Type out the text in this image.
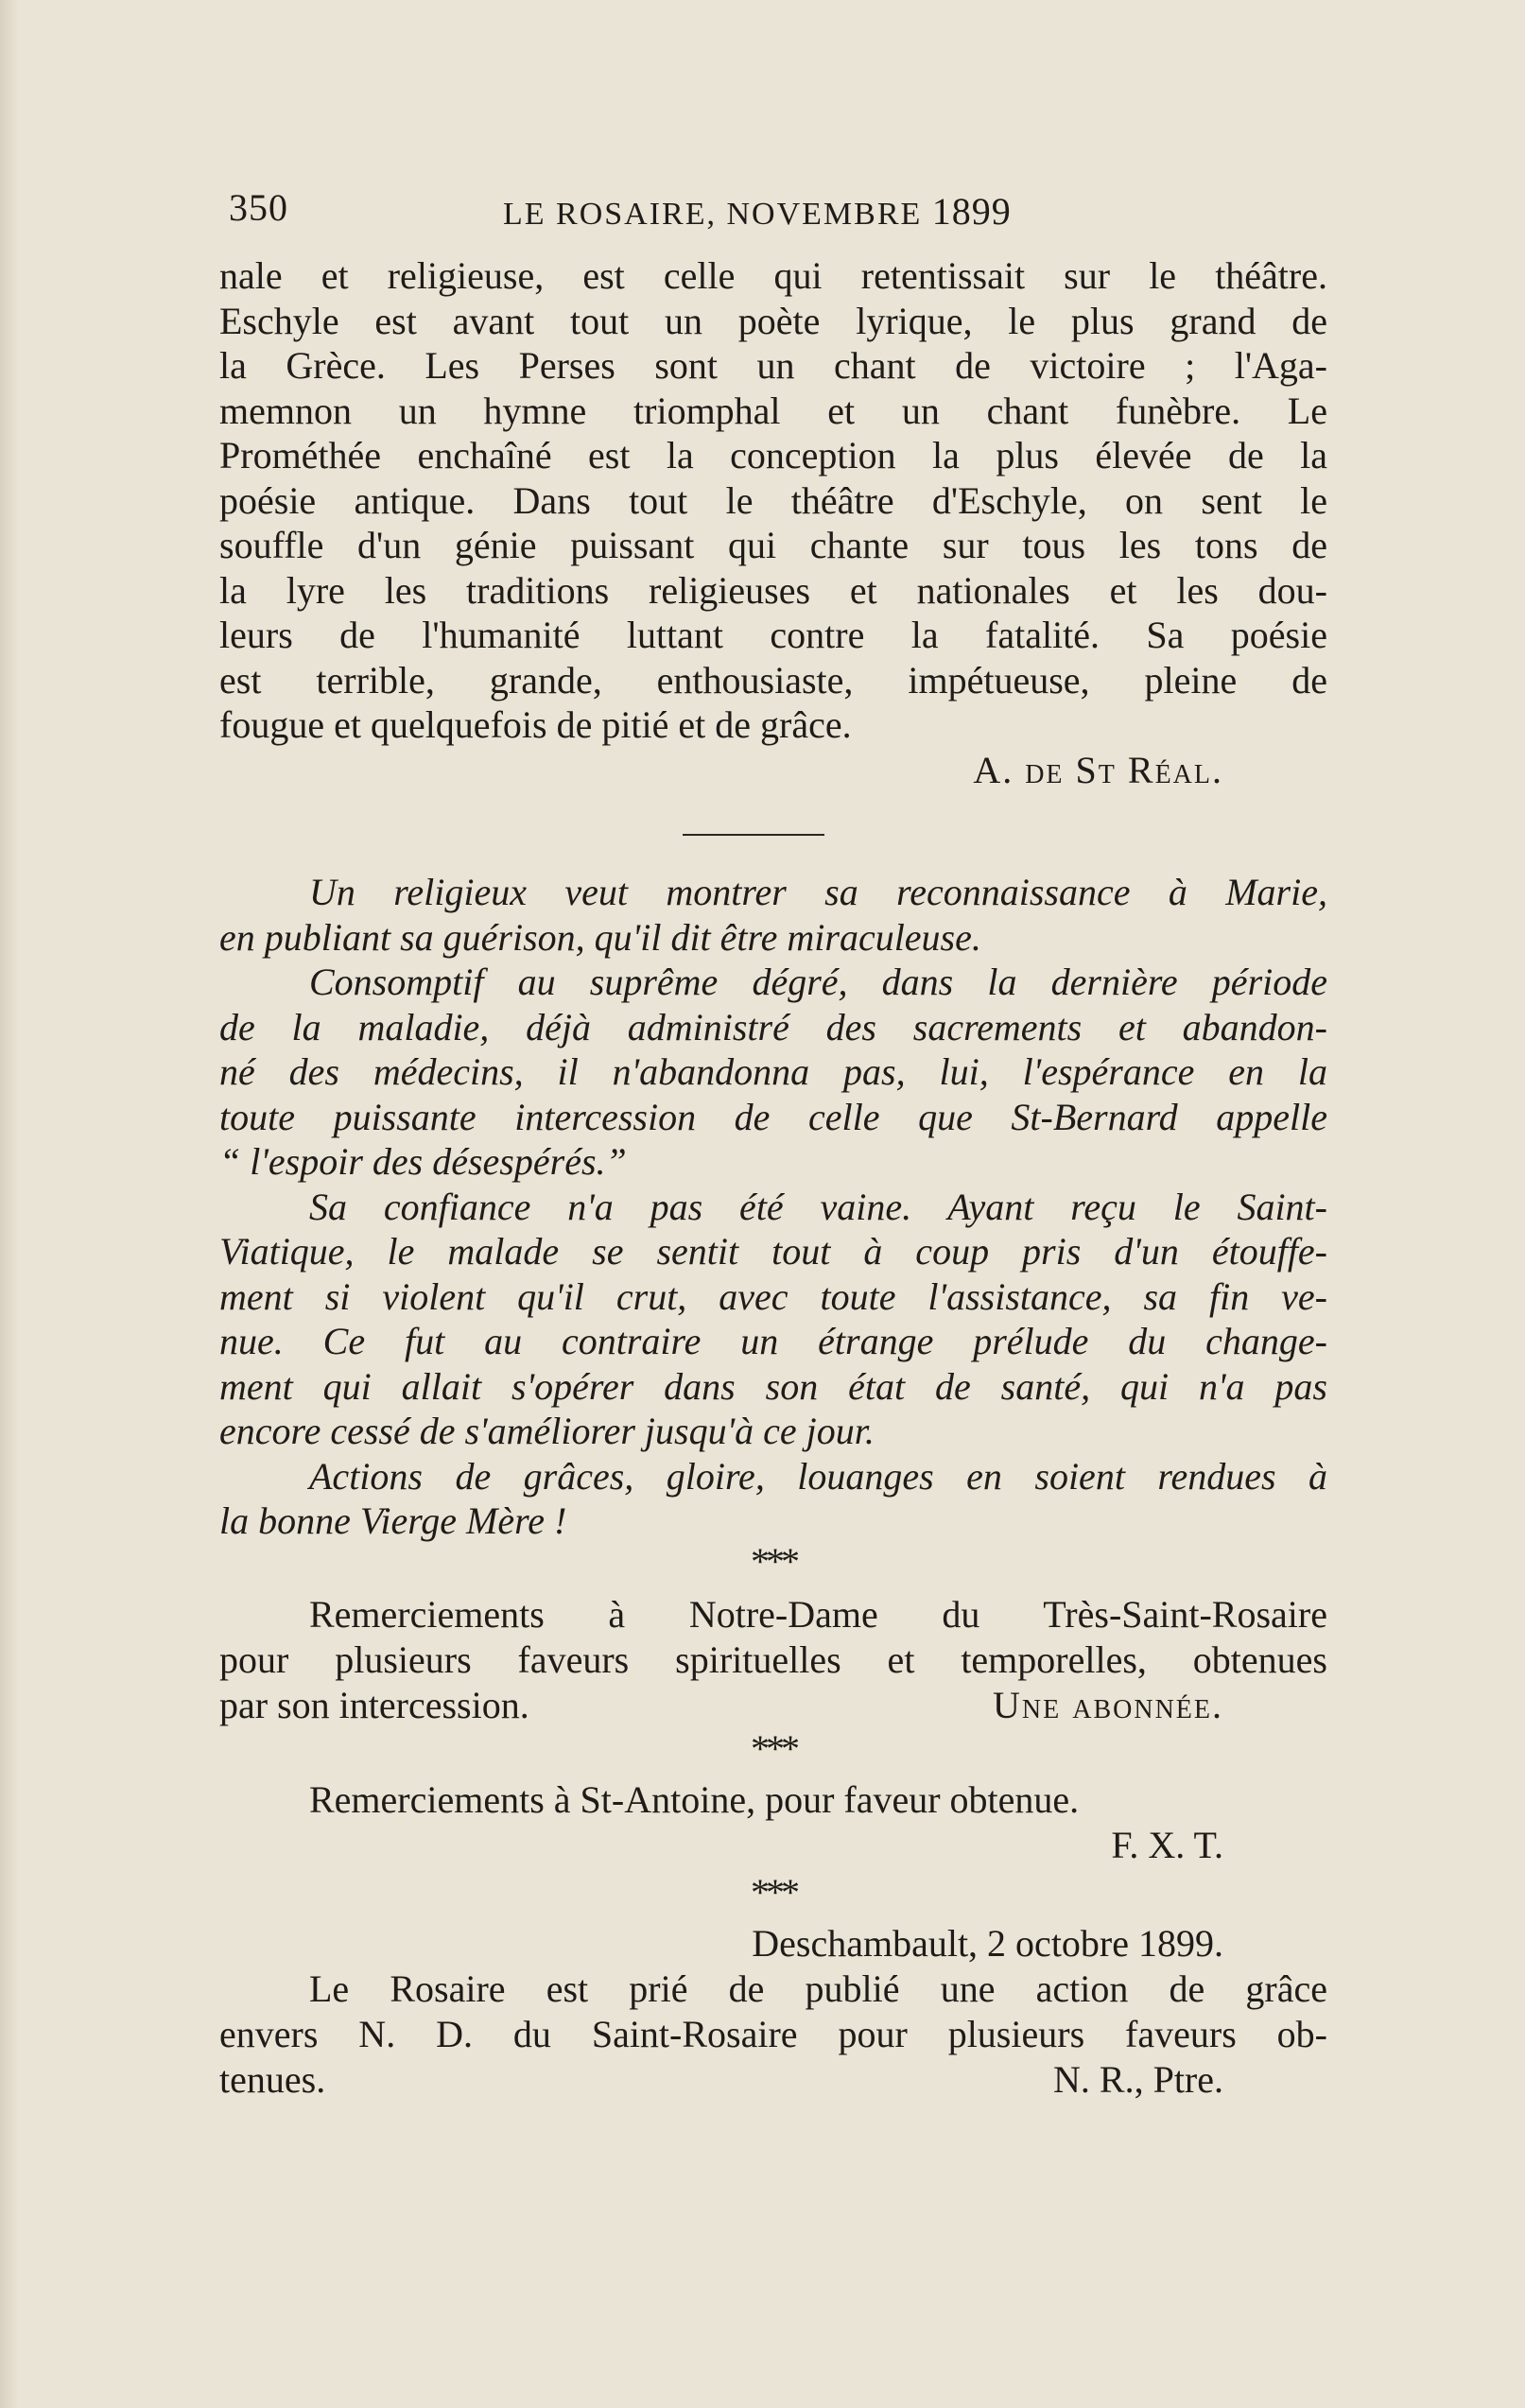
350	LE ROSAIRE, NOVEMBRE 1899

nale et religieuse, est celle qui retentissait sur le théâtre.
Eschyle est avant tout un poète lyrique, le plus grand de
la Grèce. Les Perses sont un chant de victoire ; l'Aga-
memnon un hymne triomphal et un chant funèbre. Le
Prométhée enchaîné est la conception la plus élevée de la
poésie antique. Dans tout le théâtre d'Eschyle, on sent le
souffle d'un génie puissant qui chante sur tous les tons de
la lyre les traditions religieuses et nationales et les dou-
leurs de l'humanité luttant contre la fatalité. Sa poésie
est terrible, grande, enthousiaste, impétueuse, pleine de
fougue et quelquefois de pitié et de grâce.

A. de St Réal.

Un religieux veut montrer sa reconnaissance à Marie,
en publiant sa guérison, qu'il dit être miraculeuse.

Consomptif au suprême dégré, dans la dernière période
de la maladie, déjà administré des sacrements et abandon-
né des médecins, il n'abandonna pas, lui, l'espérance en la
toute puissante intercession de celle que St-Bernard appelle
“ l'espoir des désespérés.”

Sa confiance n'a pas été vaine. Ayant reçu le Saint-
Viatique, le malade se sentit tout à coup pris d'un étouffe-
ment si violent qu'il crut, avec toute l'assistance, sa fin ve-
nue. Ce fut au contraire un étrange prélude du change-
ment qui allait s'opérer dans son état de santé, qui n'a pas
encore cessé de s'améliorer jusqu'à ce jour.

Actions de grâces, gloire, louanges en soient rendues à
la bonne Vierge Mère !

***

Remerciements à Notre-Dame du Très-Saint-Rosaire
pour plusieurs faveurs spirituelles et temporelles, obtenues
par son intercession.	Une abonnée.

***

Remerciements à St-Antoine, pour faveur obtenue.

F. X. T.

***

Deschambault, 2 octobre 1899.

Le Rosaire est prié de publié une action de grâce
envers N. D. du Saint-Rosaire pour plusieurs faveurs ob-
tenues.	N. R., Ptre.
